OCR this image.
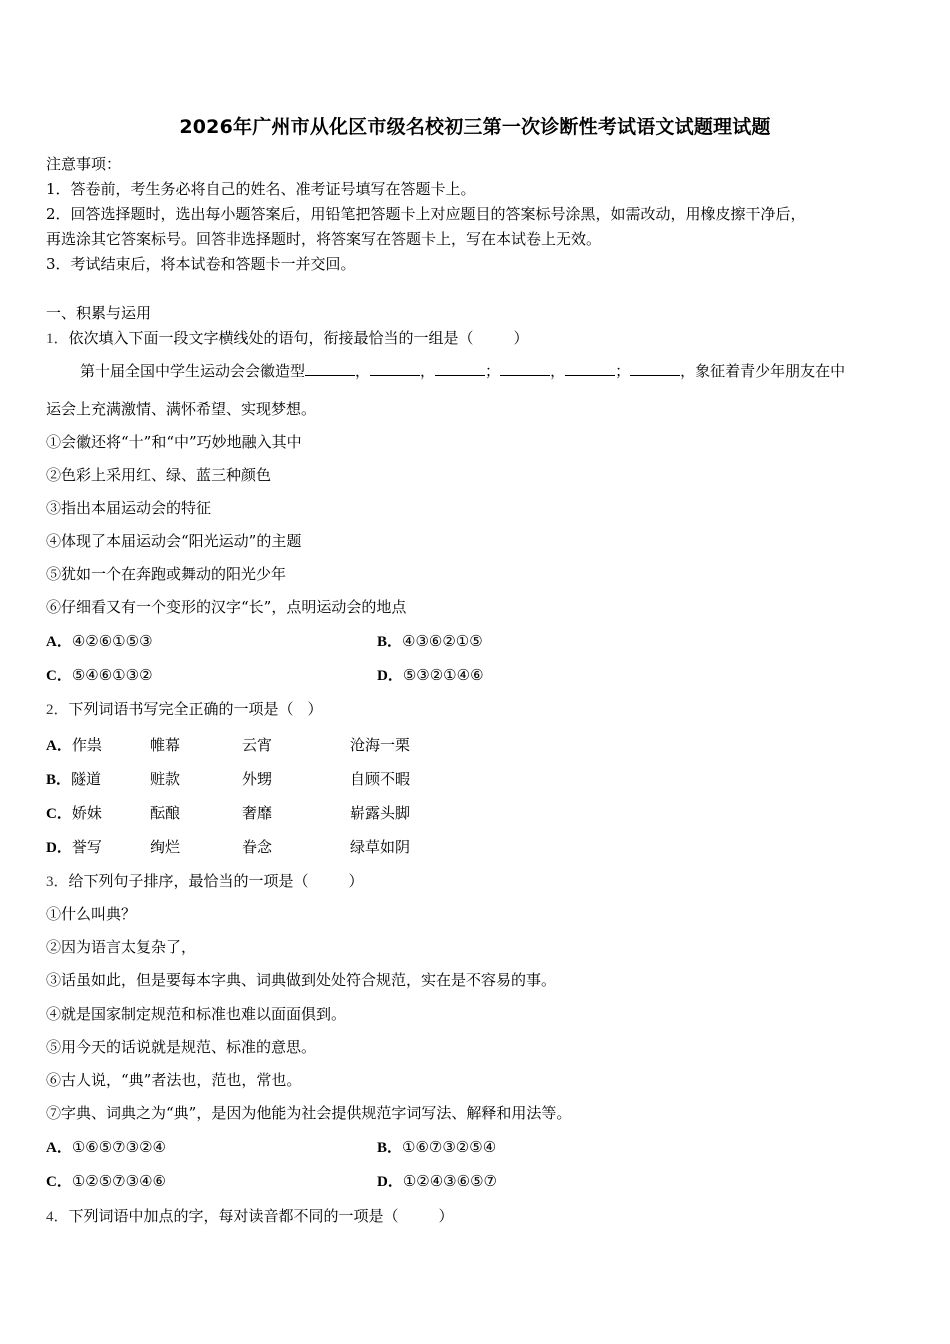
2026年广州市从化区市级名校初三第一次诊断性考试语文试题理试题
注意事项：
1．答卷前，考生务必将自己的姓名、准考证号填写在答题卡上。
2．回答选择题时，选出每小题答案后，用铅笔把答题卡上对应题目的答案标号涂黑，如需改动，用橡皮擦干净后，
再选涂其它答案标号。回答非选择题时，将答案写在答题卡上，写在本试卷上无效。
3．考试结束后，将本试卷和答题卡一并交回。
一、积累与运用
1．依次填入下面一段文字横线处的语句，衔接最恰当的一组是（	）
第十届全国中学生运动会会徽造型	，	，	；	，	；	，象征着青少年朋友在中
运会上充满激情、满怀希望、实现梦想。
①会徽还将“十”和“中”巧妙地融入其中
②色彩上采用红、绿、蓝三种颜色
③指出本届运动会的特征
④体现了本届运动会“阳光运动”的主题
⑤犹如一个在奔跑或舞动的阳光少年
⑥仔细看又有一个变形的汉字“长”，点明运动会的地点
A．④②⑥①⑤③	B．④③⑥②①⑤
C．⑤④⑥①③②	D．⑤③②①④⑥
2．下列词语书写完全正确的一项是（ ）
A．作祟	帷幕	云宵	沧海一栗
B．隧道	赃款	外甥	自顾不暇
C．娇妹	酝酿	奢靡	崭露头脚
D．誉写	绚烂	眷念	绿草如阴
3．给下列句子排序，最恰当的一项是（	）
①什么叫典？
②因为语言太复杂了，
③话虽如此，但是要每本字典、词典做到处处符合规范，实在是不容易的事。
④就是国家制定规范和标准也难以面面俱到。
⑤用今天的话说就是规范、标准的意思。
⑥古人说，“典”者法也，范也，常也。
⑦字典、词典之为“典”，是因为他能为社会提供规范字词写法、解释和用法等。
A．①⑥⑤⑦③②④	B．①⑥⑦③②⑤④
C．①②⑤⑦③④⑥	D．①②④③⑥⑤⑦
4．下列词语中加点的字，每对读音都不同的一项是（	）
